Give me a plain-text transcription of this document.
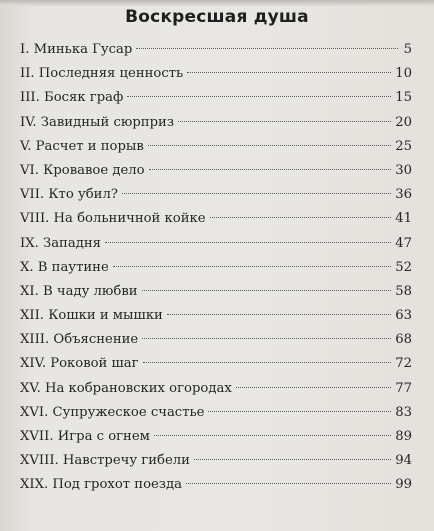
Воскресшая душа
I. Минька Гусар	5
II. Последняя ценность	10
III. Босяк граф	15
IV. Завидный сюрприз	20
V. Расчет и порыв	25
VI. Кровавое дело	30
VII. Кто убил?	36
VIII. На больничной койке	41
IX. Западня	47
X. В паутине	52
XI. В чаду любви	58
XII. Кошки и мышки	63
XIII. Объяснение	68
XIV. Роковой шаг	72
XV. На кобрановских огородах	77
XVI. Супружеское счастье	83
XVII. Игра с огнем	89
XVIII. Навстречу гибели	94
XIX. Под грохот поезда	99
